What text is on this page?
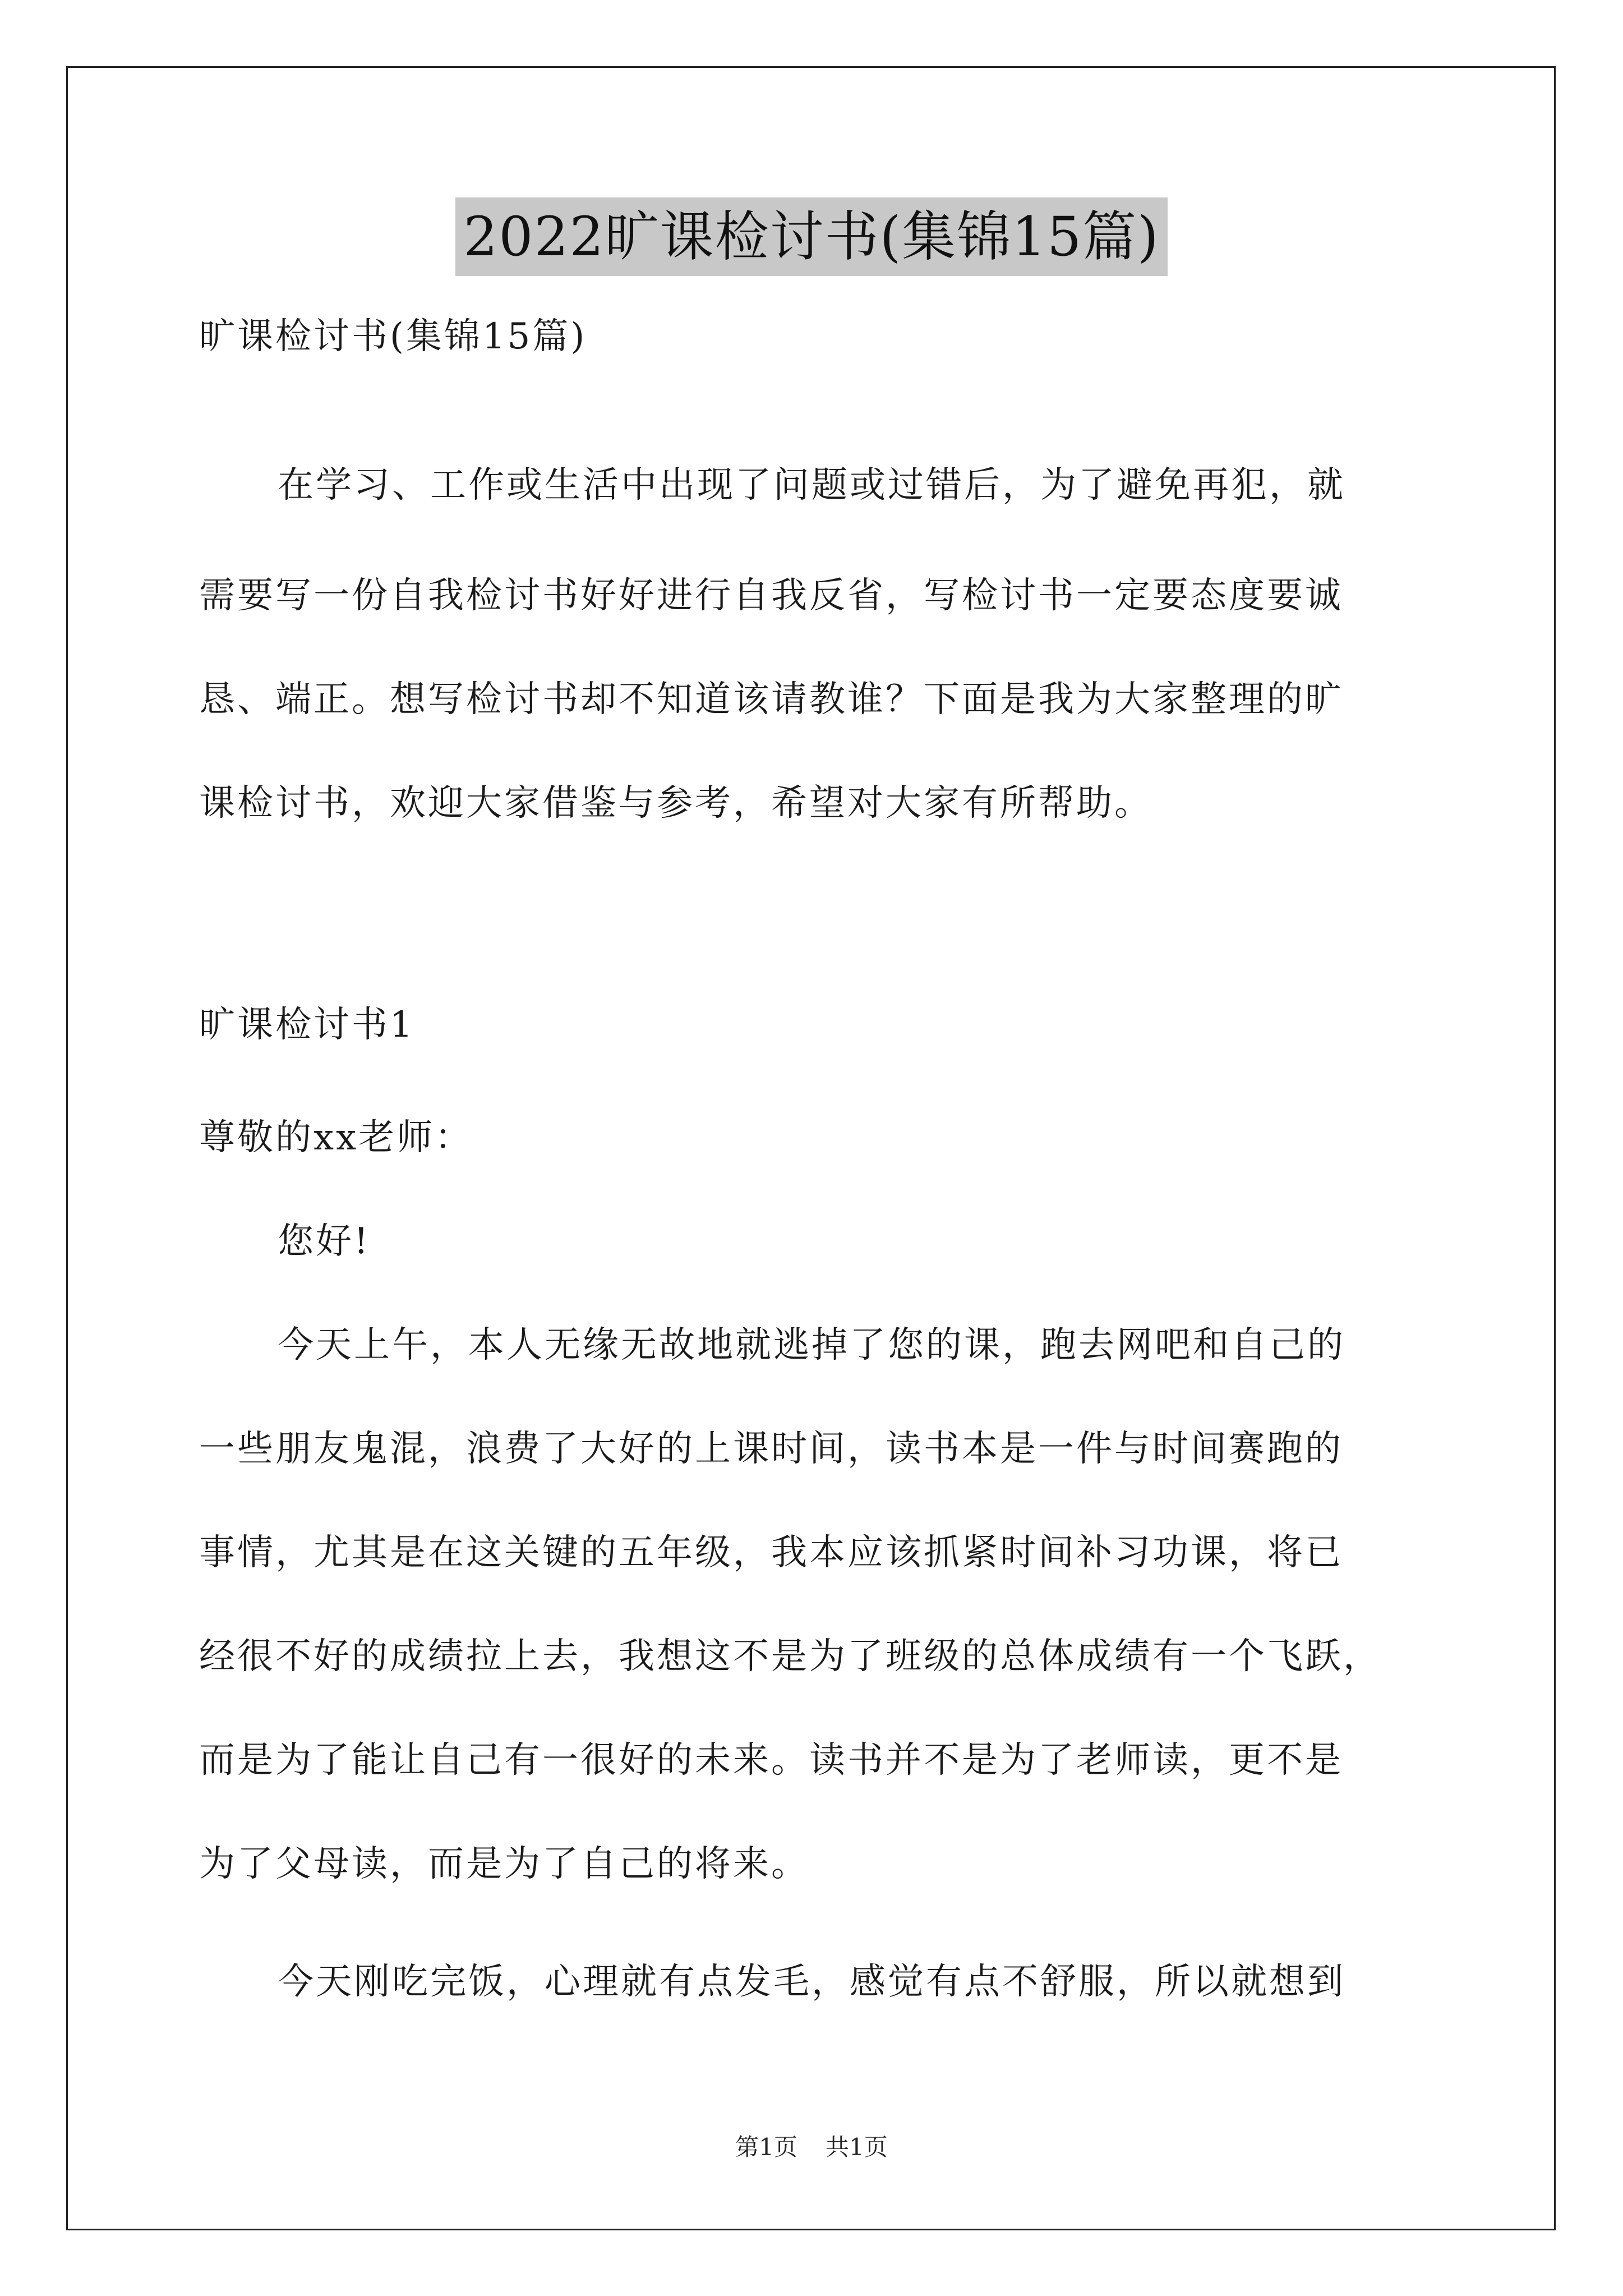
2022旷课检讨书(集锦15篇)
旷课检讨书(集锦15篇)
在学习、工作或生活中出现了问题或过错后，为了避免再犯，就
需要写一份自我检讨书好好进行自我反省，写检讨书一定要态度要诚
恳、端正。想写检讨书却不知道该请教谁？下面是我为大家整理的旷
课检讨书，欢迎大家借鉴与参考，希望对大家有所帮助。
旷课检讨书1
尊敬的xx老师：
您好!
今天上午，本人无缘无故地就逃掉了您的课，跑去网吧和自己的
一些朋友鬼混，浪费了大好的上课时间，读书本是一件与时间赛跑的
事情，尤其是在这关键的五年级，我本应该抓紧时间补习功课，将已
经很不好的成绩拉上去，我想这不是为了班级的总体成绩有一个飞跃，
而是为了能让自己有一很好的未来。读书并不是为了老师读，更不是
为了父母读，而是为了自己的将来。
今天刚吃完饭，心理就有点发毛，感觉有点不舒服，所以就想到
第1页 共1页
